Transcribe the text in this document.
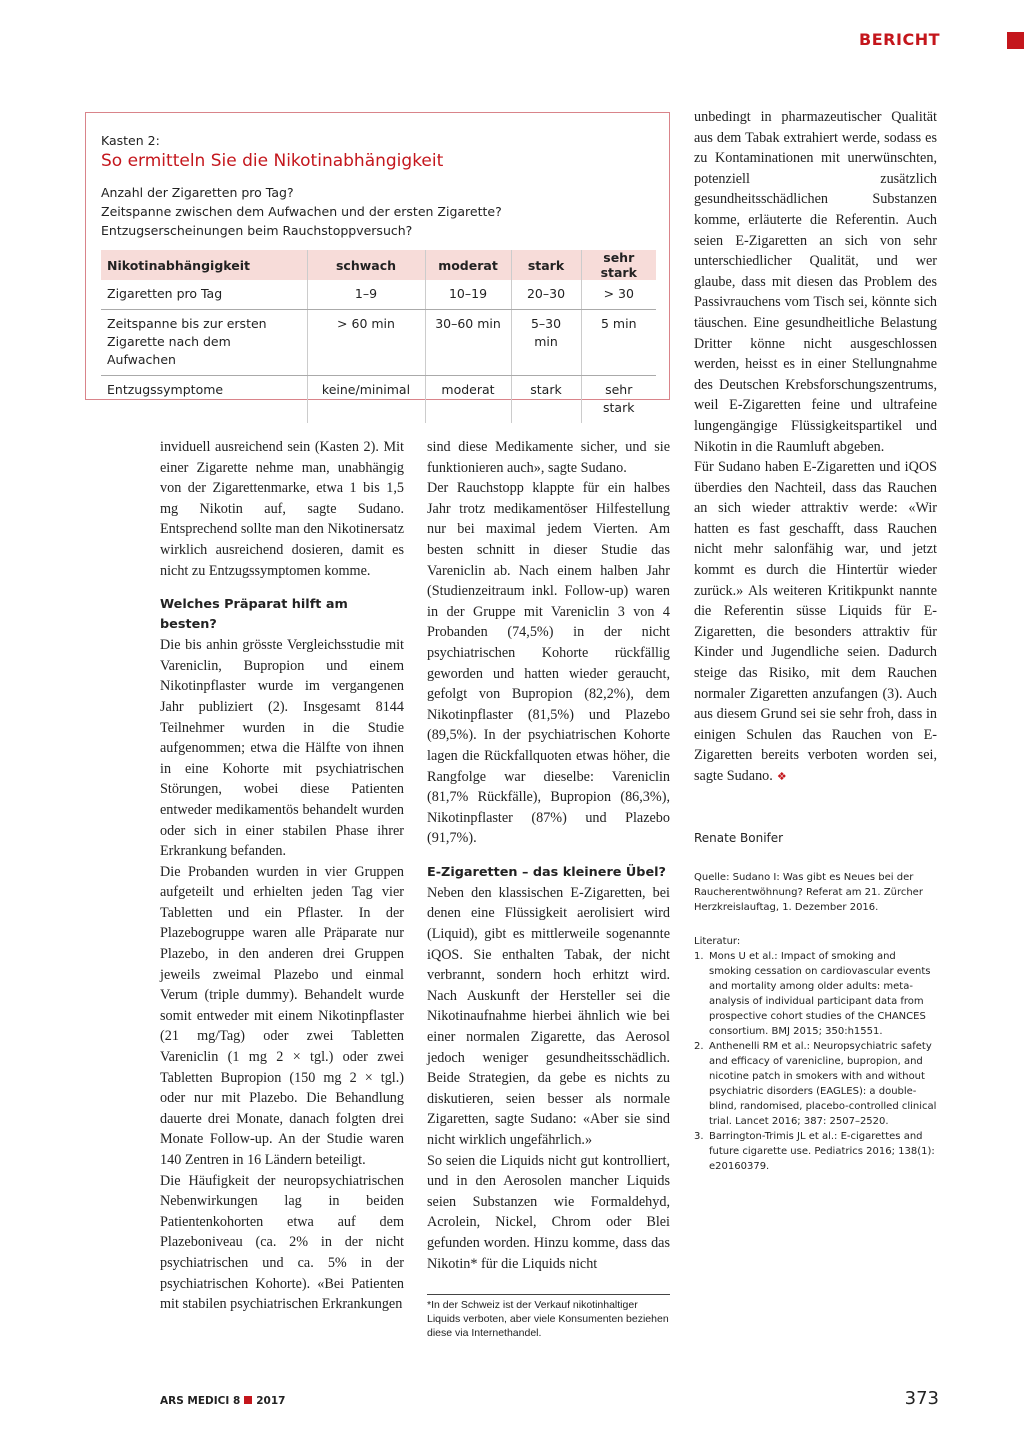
BERICHT
Kasten 2:
So ermitteln Sie die Nikotinabhängigkeit
Anzahl der Zigaretten pro Tag?
Zeitspanne zwischen dem Aufwachen und der ersten Zigarette?
Entzugserscheinungen beim Rauchstoppversuch?
Nikotinabhängigkeit	schwach	moderat	stark	sehr stark
Zigaretten pro Tag	1–9	10–19	20–30	> 30
Zeitspanne bis zur ersten Zigarette nach dem Aufwachen	> 60 min	30–60 min	5–30 min	5 min
Entzugssymptome	keine/minimal	moderat	stark	sehr stark

inviduell ausreichend sein (Kasten 2). Mit einer Zigarette nehme man, unabhängig von der Zigarettenmarke, etwa 1 bis 1,5 mg Nikotin auf, sagte Sudano. Entsprechend sollte man den Nikotinersatz wirklich ausreichend dosieren, damit es nicht zu Entzugssymptomen komme.

Welches Präparat hilft am besten?

Die bis anhin grösste Vergleichsstudie mit Vareniclin, Bupropion und einem Nikotinpflaster wurde im vergangenen Jahr publiziert (2). Insgesamt 8144 Teilnehmer wurden in die Studie aufgenommen; etwa die Hälfte von ihnen in eine Kohorte mit psychiatrischen Störungen, wobei diese Patienten entweder medikamentös behandelt wurden oder sich in einer stabilen Phase ihrer Erkrankung befanden.

Die Probanden wurden in vier Gruppen aufgeteilt und erhielten jeden Tag vier Tabletten und ein Pflaster. In der Plazebogruppe waren alle Präparate nur Plazebo, in den anderen drei Gruppen jeweils zweimal Plazebo und einmal Verum (triple dummy). Behandelt wurde somit entweder mit einem Nikotinpflaster (21 mg/Tag) oder zwei Tabletten Vareniclin (1 mg 2 × tgl.) oder zwei Tabletten Bupropion (150 mg 2 × tgl.) oder nur mit Plazebo. Die Behandlung dauerte drei Monate, danach folgten drei Monate Follow-up. An der Studie waren 140 Zentren in 16 Ländern beteiligt.

Die Häufigkeit der neuropsychiatrischen Nebenwirkungen lag in beiden Patientenkohorten etwa auf dem Plazeboniveau (ca. 2% in der nicht psychiatrischen und ca. 5% in der psychiatrischen Kohorte). «Bei Patienten mit stabilen psychiatrischen Erkrankungen

sind diese Medikamente sicher, und sie funktionieren auch», sagte Sudano.

Der Rauchstopp klappte für ein halbes Jahr trotz medikamentöser Hilfestellung nur bei maximal jedem Vierten. Am besten schnitt in dieser Studie das Vareniclin ab. Nach einem halben Jahr (Studienzeitraum inkl. Follow-up) waren in der Gruppe mit Vareniclin 3 von 4 Probanden (74,5%) in der nicht psychiatrischen Kohorte rückfällig geworden und hatten wieder geraucht, gefolgt von Bupropion (82,2%), dem Nikotinpflaster (81,5%) und Plazebo (89,5%). In der psychiatrischen Kohorte lagen die Rückfallquoten etwas höher, die Rangfolge war dieselbe: Vareniclin (81,7% Rückfälle), Bupropion (86,3%), Nikotinpflaster (87%) und Plazebo (91,7%).

E-Zigaretten – das kleinere Übel?

Neben den klassischen E-Zigaretten, bei denen eine Flüssigkeit aerolisiert wird (Liquid), gibt es mittlerweile sogenannte iQOS. Sie enthalten Tabak, der nicht verbrannt, sondern hoch erhitzt wird. Nach Auskunft der Hersteller sei die Nikotinaufnahme hierbei ähnlich wie bei einer normalen Zigarette, das Aerosol jedoch weniger gesundheitsschädlich. Beide Strategien, da gebe es nichts zu diskutieren, seien besser als normale Zigaretten, sagte Sudano: «Aber sie sind nicht wirklich ungefährlich.»

So seien die Liquids nicht gut kontrolliert, und in den Aerosolen mancher Liquids seien Substanzen wie Formaldehyd, Acrolein, Nickel, Chrom oder Blei gefunden worden. Hinzu komme, dass das Nikotin* für die Liquids nicht

*In der Schweiz ist der Verkauf nikotinhaltiger Liquids verboten, aber viele Konsumenten beziehen diese via Internethandel.

unbedingt in pharmazeutischer Qualität aus dem Tabak extrahiert werde, sodass es zu Kontaminationen mit unerwünschten, potenziell zusätzlich gesundheitsschädlichen Substanzen komme, erläuterte die Referentin. Auch seien E-Zigaretten an sich von sehr unterschiedlicher Qualität, und wer glaube, dass mit diesen das Problem des Passivrauchens vom Tisch sei, könnte sich täuschen. Eine gesundheitliche Belastung Dritter könne nicht ausgeschlossen werden, heisst es in einer Stellungnahme des Deutschen Krebsforschungszentrums, weil E-Zigaretten feine und ultrafeine lungengängige Flüssigkeitspartikel und Nikotin in die Raumluft abgeben.

Für Sudano haben E-Zigaretten und iQOS überdies den Nachteil, dass das Rauchen an sich wieder attraktiv werde: «Wir hatten es fast geschafft, dass Rauchen nicht mehr salonfähig war, und jetzt kommt es durch die Hintertür wieder zurück.» Als weiteren Kritikpunkt nannte die Referentin süsse Liquids für E-Zigaretten, die besonders attraktiv für Kinder und Jugendliche seien. Dadurch steige das Risiko, mit dem Rauchen normaler Zigaretten anzufangen (3). Auch aus diesem Grund sei sie sehr froh, dass in einigen Schulen das Rauchen von E-Zigaretten bereits verboten worden sei, sagte Sudano. ❖

Renate Bonifer
Quelle: Sudano I: Was gibt es Neues bei der Raucherentwöhnung? Referat am 21. Zürcher Herzkreislauftag, 1. Dezember 2016.
Literatur:
1. Mons U et al.: Impact of smoking and smoking cessation on cardiovascular events and mortality among older adults: meta-analysis of individual participant data from prospective cohort studies of the CHANCES consortium. BMJ 2015; 350:h1551.
2. Anthenelli RM et al.: Neuropsychiatric safety and efficacy of varenicline, bupropion, and nicotine patch in smokers with and without psychiatric disorders (EAGLES): a double-blind, randomised, placebo-controlled clinical trial. Lancet 2016; 387: 2507–2520.
3. Barrington-Trimis JL et al.: E-cigarettes and future cigarette use. Pediatrics 2016; 138(1): e20160379.
ARS MEDICI 8 2017	373
